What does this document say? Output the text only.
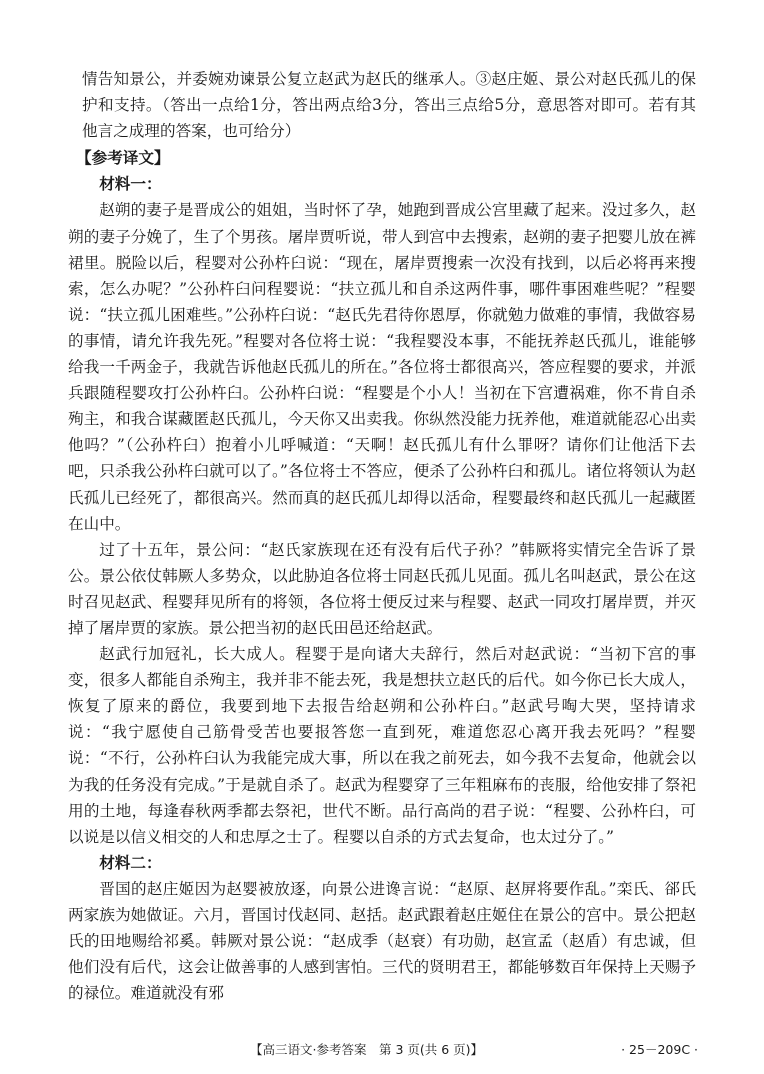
情告知景公，并委婉劝谏景公复立赵武为赵氏的继承人。③赵庄姬、景公对赵氏孤儿的保护和支持。（答出一点给1分，答出两点给3分，答出三点给5分，意思答对即可。若有其他言之成理的答案，也可给分）

【参考译文】
材料一：

赵朔的妻子是晋成公的姐姐，当时怀了孕，她跑到晋成公宫里藏了起来。没过多久，赵朔的妻子分娩了，生了个男孩。屠岸贾听说，带人到宫中去搜索，赵朔的妻子把婴儿放在裤裙里。脱险以后，程婴对公孙杵臼说：“现在，屠岸贾搜索一次没有找到，以后必将再来搜索，怎么办呢？”公孙杵臼问程婴说：“扶立孤儿和自杀这两件事，哪件事困难些呢？”程婴说：“扶立孤儿困难些。”公孙杵臼说：“赵氏先君待你恩厚，你就勉力做难的事情，我做容易的事情，请允许我先死。”程婴对各位将士说：“我程婴没本事，不能抚养赵氏孤儿，谁能够给我一千两金子，我就告诉他赵氏孤儿的所在。”各位将士都很高兴，答应程婴的要求，并派兵跟随程婴攻打公孙杵臼。公孙杵臼说：“程婴是个小人！当初在下宫遭祸难，你不肯自杀殉主，和我合谋藏匿赵氏孤儿，今天你又出卖我。你纵然没能力抚养他，难道就能忍心出卖他吗？”（公孙杵臼）抱着小儿呼喊道：“天啊！赵氏孤儿有什么罪呀？请你们让他活下去吧，只杀我公孙杵臼就可以了。”各位将士不答应，便杀了公孙杵臼和孤儿。诸位将领认为赵氏孤儿已经死了，都很高兴。然而真的赵氏孤儿却得以活命，程婴最终和赵氏孤儿一起藏匿在山中。

过了十五年，景公问：“赵氏家族现在还有没有后代子孙？”韩厥将实情完全告诉了景公。景公依仗韩厥人多势众，以此胁迫各位将士同赵氏孤儿见面。孤儿名叫赵武，景公在这时召见赵武、程婴拜见所有的将领，各位将士便反过来与程婴、赵武一同攻打屠岸贾，并灭掉了屠岸贾的家族。景公把当初的赵氏田邑还给赵武。

赵武行加冠礼，长大成人。程婴于是向诸大夫辞行，然后对赵武说：“当初下宫的事变，很多人都能自杀殉主，我并非不能去死，我是想扶立赵氏的后代。如今你已长大成人，恢复了原来的爵位，我要到地下去报告给赵朔和公孙杵臼。”赵武号啕大哭，坚持请求说：“我宁愿使自己筋骨受苦也要报答您一直到死，难道您忍心离开我去死吗？”程婴说：“不行，公孙杵臼认为我能完成大事，所以在我之前死去，如今我不去复命，他就会以为我的任务没有完成。”于是就自杀了。赵武为程婴穿了三年粗麻布的丧服，给他安排了祭祀用的土地，每逢春秋两季都去祭祀，世代不断。品行高尚的君子说：“程婴、公孙杵臼，可以说是以信义相交的人和忠厚之士了。程婴以自杀的方式去复命，也太过分了。”

材料二：

晋国的赵庄姬因为赵婴被放逐，向景公进谗言说：“赵原、赵屏将要作乱。”栾氏、郤氏两家族为她做证。六月，晋国讨伐赵同、赵括。赵武跟着赵庄姬住在景公的宫中。景公把赵氏的田地赐给祁奚。韩厥对景公说：“赵成季（赵衰）有功勋，赵宣孟（赵盾）有忠诚，但他们没有后代，这会让做善事的人感到害怕。三代的贤明君王，都能够数百年保持上天赐予的禄位。难道就没有邪

【高三语文·参考答案　第 3 页(共 6 页)】	· 25－209C ·
